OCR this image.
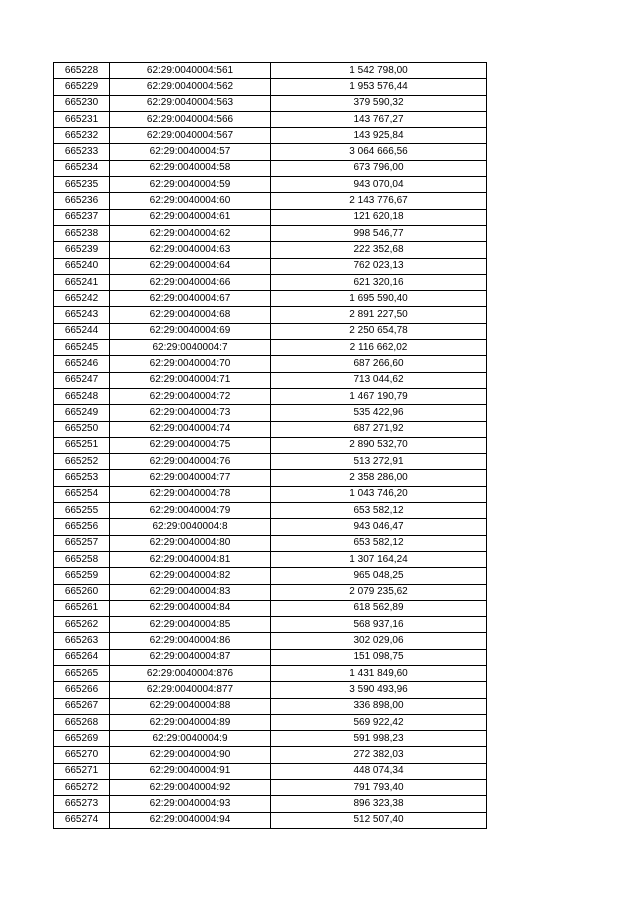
665228	62:29:0040004:561	1 542 798,00
665229	62:29:0040004:562	1 953 576,44
665230	62:29:0040004:563	379 590,32
665231	62:29:0040004:566	143 767,27
665232	62:29:0040004:567	143 925,84
665233	62:29:0040004:57	3 064 666,56
665234	62:29:0040004:58	673 796,00
665235	62:29:0040004:59	943 070,04
665236	62:29:0040004:60	2 143 776,67
665237	62:29:0040004:61	121 620,18
665238	62:29:0040004:62	998 546,77
665239	62:29:0040004:63	222 352,68
665240	62:29:0040004:64	762 023,13
665241	62:29:0040004:66	621 320,16
665242	62:29:0040004:67	1 695 590,40
665243	62:29:0040004:68	2 891 227,50
665244	62:29:0040004:69	2 250 654,78
665245	62:29:0040004:7	2 116 662,02
665246	62:29:0040004:70	687 266,60
665247	62:29:0040004:71	713 044,62
665248	62:29:0040004:72	1 467 190,79
665249	62:29:0040004:73	535 422,96
665250	62:29:0040004:74	687 271,92
665251	62:29:0040004:75	2 890 532,70
665252	62:29:0040004:76	513 272,91
665253	62:29:0040004:77	2 358 286,00
665254	62:29:0040004:78	1 043 746,20
665255	62:29:0040004:79	653 582,12
665256	62:29:0040004:8	943 046,47
665257	62:29:0040004:80	653 582,12
665258	62:29:0040004:81	1 307 164,24
665259	62:29:0040004:82	965 048,25
665260	62:29:0040004:83	2 079 235,62
665261	62:29:0040004:84	618 562,89
665262	62:29:0040004:85	568 937,16
665263	62:29:0040004:86	302 029,06
665264	62:29:0040004:87	151 098,75
665265	62:29:0040004:876	1 431 849,60
665266	62:29:0040004:877	3 590 493,96
665267	62:29:0040004:88	336 898,00
665268	62:29:0040004:89	569 922,42
665269	62:29:0040004:9	591 998,23
665270	62:29:0040004:90	272 382,03
665271	62:29:0040004:91	448 074,34
665272	62:29:0040004:92	791 793,40
665273	62:29:0040004:93	896 323,38
665274	62:29:0040004:94	512 507,40
